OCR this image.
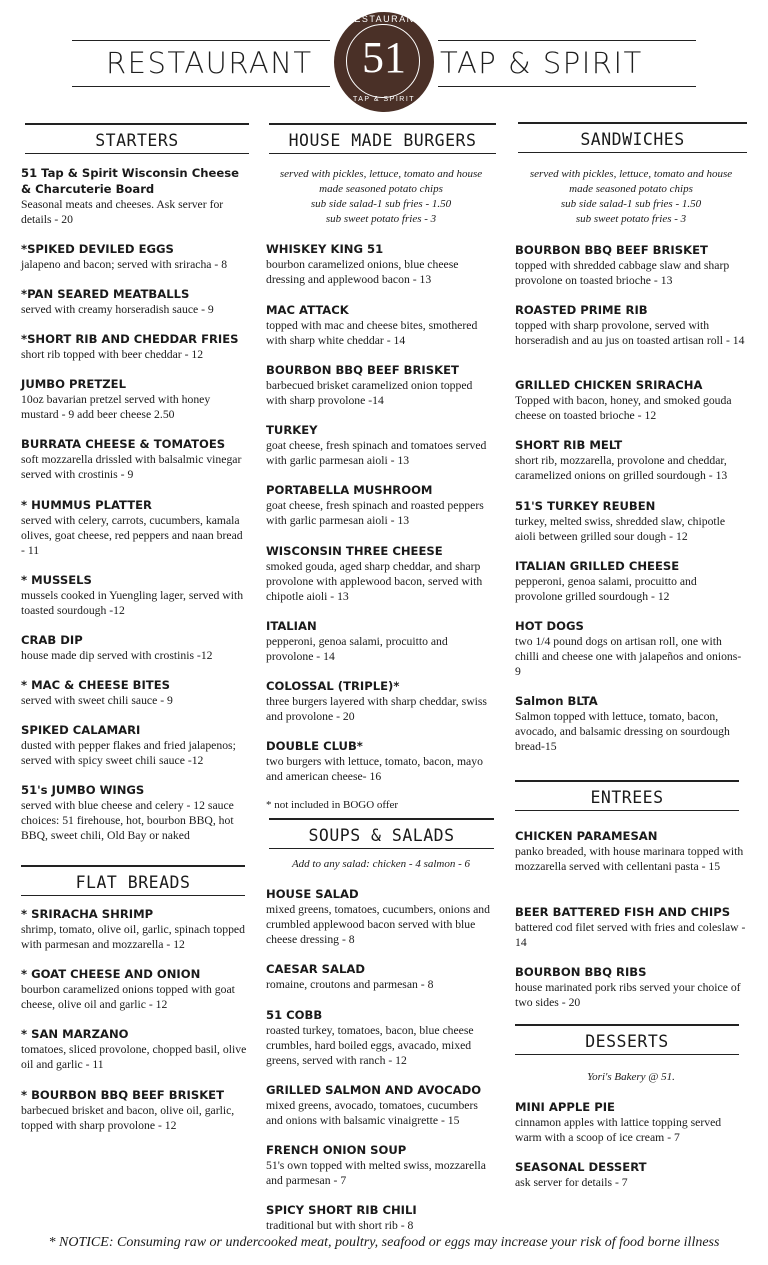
RESTAURANT	TAP & SPIRIT
RESTAURANT
51
TAP & SPIRIT
STARTERS
51 Tap & Spirit Wisconsin Cheese & Charcuterie Board
Seasonal meats and cheeses. Ask server for details - 20
*SPIKED DEVILED EGGS
jalapeno and bacon; served with sriracha - 8
*PAN SEARED MEATBALLS
served with creamy horseradish sauce - 9
*SHORT RIB AND CHEDDAR FRIES
short rib topped with beer cheddar - 12
JUMBO PRETZEL
10oz bavarian pretzel served with honey mustard - 9 add beer cheese 2.50
BURRATA CHEESE & TOMATOES
soft mozzarella drissled with balsalmic vinegar served with crostinis - 9
* HUMMUS PLATTER
served with celery, carrots, cucumbers, kamala olives, goat cheese, red peppers and naan bread - 11
* MUSSELS
mussels cooked in Yuengling lager, served with toasted sourdough -12
CRAB DIP
house made dip served with crostinis -12
* MAC & CHEESE BITES
served with sweet chili sauce - 9
SPIKED CALAMARI
dusted with pepper flakes and fried jalapenos; served with spicy sweet chili sauce -12
51's JUMBO WINGS
served with blue cheese and celery - 12 sauce choices: 51 firehouse, hot, bourbon BBQ, hot BBQ, sweet chili, Old Bay or naked
FLAT BREADS
* SRIRACHA SHRIMP
shrimp, tomato, olive oil, garlic, spinach topped with parmesan and mozzarella - 12
* GOAT CHEESE AND ONION
bourbon caramelized onions topped with goat cheese, olive oil and garlic - 12
* SAN MARZANO
tomatoes, sliced provolone, chopped basil, olive oil and garlic - 11
* BOURBON BBQ BEEF BRISKET
barbecued brisket and bacon, olive oil, garlic, topped with sharp provolone - 12
HOUSE MADE BURGERS
served with pickles, lettuce, tomato and house
made seasoned potato chips
sub side salad-1 sub fries - 1.50
sub sweet potato fries - 3
WHISKEY KING 51
bourbon caramelized onions, blue cheese dressing and applewood bacon - 13
MAC ATTACK
topped with mac and cheese bites, smothered with sharp white cheddar - 14
BOURBON BBQ BEEF BRISKET
barbecued brisket caramelized onion topped with sharp provolone -14
TURKEY
goat cheese, fresh spinach and tomatoes served with garlic parmesan aioli - 13
PORTABELLA MUSHROOM
goat cheese, fresh spinach and roasted peppers with garlic parmesan aioli - 13
WISCONSIN THREE CHEESE
smoked gouda, aged sharp cheddar, and sharp provolone with applewood bacon, served with chipotle aioli - 13
ITALIAN
pepperoni, genoa salami, procuitto and provolone - 14
COLOSSAL (TRIPLE)*
three burgers layered with sharp cheddar, swiss and provolone - 20
DOUBLE CLUB*
two burgers with lettuce, tomato, bacon, mayo and american cheese- 16
* not included in BOGO offer
SOUPS & SALADS
Add to any salad: chicken - 4 salmon - 6
HOUSE SALAD
mixed greens, tomatoes, cucumbers, onions and crumbled applewood bacon served with blue cheese dressing - 8
CAESAR SALAD
romaine, croutons and parmesan - 8
51 COBB
roasted turkey, tomatoes, bacon, blue cheese crumbles, hard boiled eggs, avacado, mixed greens, served with ranch - 12
GRILLED SALMON AND AVOCADO
mixed greens, avocado, tomatoes, cucumbers and onions with balsamic vinaigrette - 15
FRENCH ONION SOUP
51's own topped with melted swiss, mozzarella and parmesan - 7
SPICY SHORT RIB CHILI
traditional but with short rib - 8
SANDWICHES
served with pickles, lettuce, tomato and house
made seasoned potato chips
sub side salad-1 sub fries - 1.50
sub sweet potato fries - 3
BOURBON BBQ BEEF BRISKET
topped with shredded cabbage slaw and sharp provolone on toasted brioche - 13
ROASTED PRIME RIB
topped with sharp provolone, served with horseradish and au jus on toasted artisan roll - 14
GRILLED CHICKEN SRIRACHA
Topped with bacon, honey, and smoked gouda cheese on toasted brioche - 12
SHORT RIB MELT
short rib, mozzarella, provolone and cheddar, caramelized onions on grilled sourdough - 13
51'S TURKEY REUBEN
turkey, melted swiss, shredded slaw, chipotle aioli between grilled sour dough - 12
ITALIAN GRILLED CHEESE
pepperoni, genoa salami, procuitto and provolone grilled sourdough - 12
HOT DOGS
two 1/4 pound dogs on artisan roll, one with chilli and cheese one with jalapeños and onions- 9
Salmon BLTA
Salmon topped with lettuce, tomato, bacon, avocado, and balsamic dressing on sourdough bread-15
ENTREES
CHICKEN PARAMESAN
panko breaded, with house marinara topped with mozzarella served with cellentani pasta - 15
BEER BATTERED FISH AND CHIPS
battered cod filet served with fries and coleslaw - 14
BOURBON BBQ RIBS
house marinated pork ribs served your choice of two sides - 20
DESSERTS
Yori's Bakery @ 51.
MINI APPLE PIE
cinnamon apples with lattice topping served warm with a scoop of ice cream - 7
SEASONAL DESSERT
ask server for details - 7
* NOTICE: Consuming raw or undercooked meat, poultry, seafood or eggs may increase your risk of food borne illness
